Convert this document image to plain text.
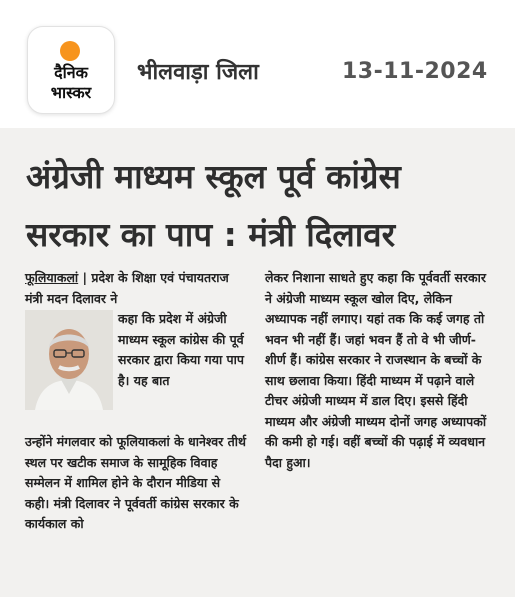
दैनिक
भास्कर
भीलवाड़ा जिला	13-11-2024
अंग्रेजी माध्यम स्कूल पूर्व कांग्रेस
सरकार का पाप : मंत्री दिलावर
फूलियाकलां | प्रदेश के शिक्षा एवं पंचायतराज मंत्री मदन दिलावर ने
कहा कि प्रदेश में अंग्रेजी माध्यम स्कूल कांग्रेस की पूर्व सरकार द्वारा किया गया पाप है। यह बात
उन्होंने मंगलवार को फूलियाकलां के धानेश्वर तीर्थ स्थल पर खटीक समाज के सामूहिक विवाह सम्मेलन में शामिल होने के दौरान मीडिया से कही। मंत्री दिलावर ने पूर्ववर्ती कांग्रेस सरकार के कार्यकाल को
लेकर निशाना साधते हुए कहा कि पूर्ववर्ती सरकार ने अंग्रेजी माध्यम स्कूल खोल दिए, लेकिन अध्यापक नहीं लगाए। यहां तक कि कई जगह तो भवन भी नहीं हैं। जहां भवन हैं तो वे भी जीर्ण-शीर्ण हैं। कांग्रेस सरकार ने राजस्थान के बच्चों के साथ छलावा किया। हिंदी माध्यम में पढ़ाने वाले टीचर अंग्रेजी माध्यम में डाल दिए। इससे हिंदी माध्यम और अंग्रेजी माध्यम दोनों जगह अध्यापकों की कमी हो गई। वहीं बच्चों की पढ़ाई में व्यवधान पैदा हुआ।
